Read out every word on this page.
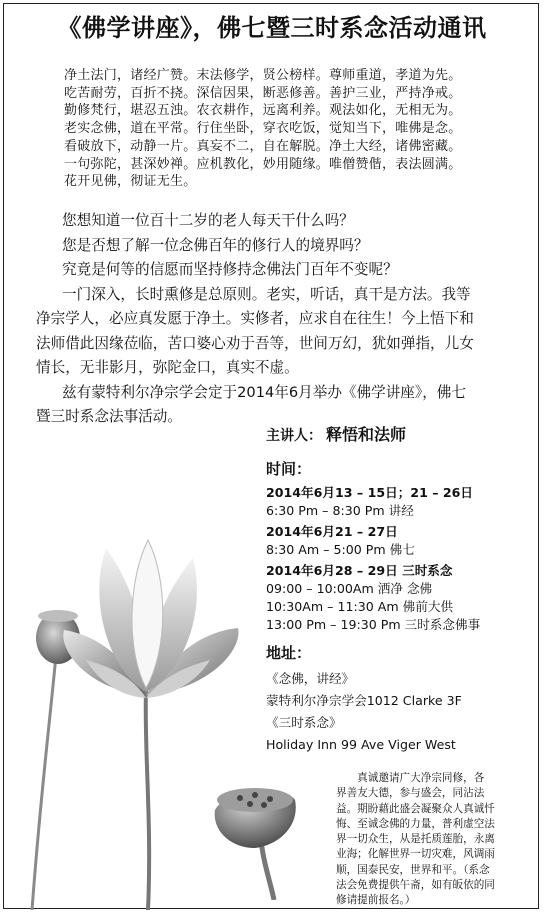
《佛学讲座》，佛七暨三时系念活动通讯
净土法门，诸经广赞。末法修学，贤公榜样。尊师重道，孝道为先。
吃苦耐劳，百折不挠。深信因果，断恶修善。善护三业，严持净戒。
勤修梵行，堪忍五浊。农衣耕作，远离利养。观法如化，无相无为。
老实念佛，道在平常。行住坐卧，穿衣吃饭，觉知当下，唯佛是念。
看破放下，动静一片。真妄不二，自在解脱。净土大经，诸佛密藏。
一句弥陀，甚深妙禅。应机教化，妙用随缘。唯僧赞偕，表法圆满。
花开见佛，彻证无生。

您想知道一位百十二岁的老人每天干什么吗？

您是否想了解一位念佛百年的修行人的境界吗？

究竟是何等的信愿而坚持修持念佛法门百年不变呢？

一门深入，长时熏修是总原则。老实，听话，真干是方法。我等

净宗学人，必应真发愿于净土。实修者，应求自在往生！今上悟下和

法师借此因缘莅临，苦口婆心劝于吾等，世间万幻，犹如弹指，儿女

情长，无非影月，弥陀金口，真实不虚。

兹有蒙特利尔净宗学会定于2014年6月举办《佛学讲座》，佛七

暨三时系念法事活动。

主讲人： 释悟和法师
时间：
2014年6月13 – 15日；21 – 26日
6:30 Pm – 8:30 Pm 讲经
2014年6月21 – 27日
8:30 Am – 5:00 Pm 佛七
2014年6月28 – 29日 三时系念
09:00 – 10:00Am 洒净 念佛
10:30Am – 11:30 Am 佛前大供
13:00 Pm – 19:30 Pm 三时系念佛事
地址：
《念佛，讲经》
蒙特利尔净宗学会1012 Clarke 3F
《三时系念》
Holiday Inn 99 Ave Viger West
　　真诚邀请广大净宗同修，各
界善友大德，参与盛会，同沾法
益。期盼藉此盛会凝聚众人真诚忏
悔、至诚念佛的力量，普利虚空法
界一切众生，从是托质莲胎，永离
业海；化解世界一切灾难，风调雨
顺，国泰民安，世界和平。（系念
法会免费提供午斋，如有皈依的同
修请提前报名。）
